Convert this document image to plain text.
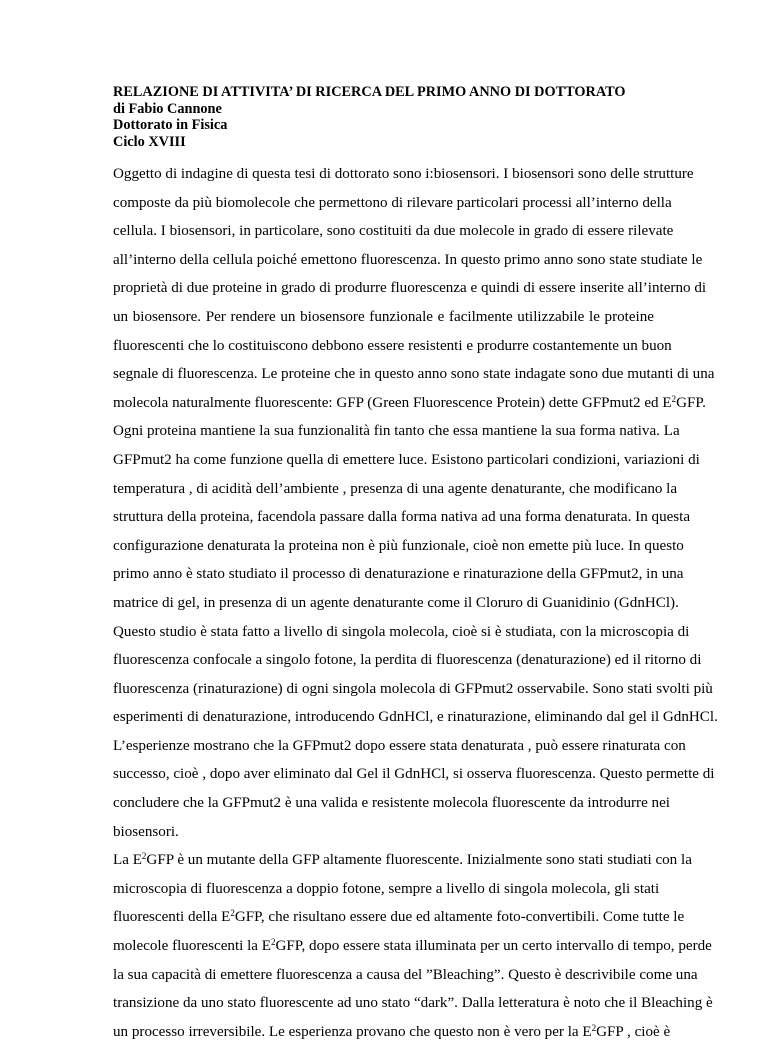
RELAZIONE DI ATTIVITA’ DI RICERCA DEL PRIMO ANNO DI DOTTORATO
di Fabio Cannone
Dottorato in Fisica
Ciclo XVIII
Oggetto di indagine di questa tesi di dottorato sono i:biosensori. I biosensori sono delle strutture
composte da più biomolecole che permettono di rilevare particolari processi all’interno della
cellula. I biosensori, in particolare, sono costituiti da due molecole in grado di essere rilevate
all’interno della cellula poiché emettono fluorescenza. In questo primo anno sono state studiate le
proprietà di due proteine in grado di produrre fluorescenza e quindi di essere inserite all’interno di
un biosensore. Per rendere un biosensore funzionale e facilmente utilizzabile le proteine
fluorescenti che lo costituiscono debbono essere resistenti e produrre costantemente un buon
segnale di fluorescenza. Le proteine che in questo anno sono state indagate sono due mutanti di una
molecola naturalmente fluorescente: GFP (Green Fluorescence Protein) dette GFPmut2 ed $E^2GFP$.
Ogni proteina mantiene la sua funzionalità fin tanto che essa mantiene la sua forma nativa. La
GFPmut2 ha come funzione quella di emettere luce. Esistono particolari condizioni, variazioni di
temperatura , di acidità dell’ambiente , presenza di una agente denaturante, che modificano la
struttura della proteina, facendola passare dalla forma nativa ad una forma denaturata. In questa
configurazione denaturata la proteina non è più funzionale, cioè non emette più luce. In questo
primo anno è stato studiato il processo di denaturazione e rinaturazione della GFPmut2, in una
matrice di gel, in presenza di un agente denaturante come il Cloruro di Guanidinio (GdnHCl).
Questo studio è stata fatto a livello di singola molecola, cioè si è studiata, con la microscopia di
fluorescenza confocale a singolo fotone, la perdita di fluorescenza (denaturazione) ed il ritorno di
fluorescenza (rinaturazione) di ogni singola molecola di GFPmut2 osservabile. Sono stati svolti più
esperimenti di denaturazione, introducendo GdnHCl, e rinaturazione, eliminando dal gel il GdnHCl.
L’esperienze mostrano che la GFPmut2 dopo essere stata denaturata , può essere rinaturata con
successo, cioè , dopo aver eliminato dal Gel il GdnHCl, si osserva fluorescenza. Questo permette di
concludere che la GFPmut2 è una valida e resistente molecola fluorescente da introdurre nei
biosensori.
La $E^2GFP$ è un mutante della GFP altamente fluorescente. Inizialmente sono stati studiati con la
microscopia di fluorescenza a doppio fotone, sempre a livello di singola molecola, gli stati
fluorescenti della $E^2GFP$, che risultano essere due ed altamente foto-convertibili. Come tutte le
molecole fluorescenti la $E^2GFP$, dopo essere stata illuminata per un certo intervallo di tempo, perde
la sua capacità di emettere fluorescenza a causa del ”Bleaching”. Questo è descrivibile come una
transizione da uno stato fluorescente ad uno stato “dark”. Dalla letteratura è noto che il Bleaching è
un processo irreversibile. Le esperienza provano che questo non è vero per la $E^2GFP$ , cioè è
